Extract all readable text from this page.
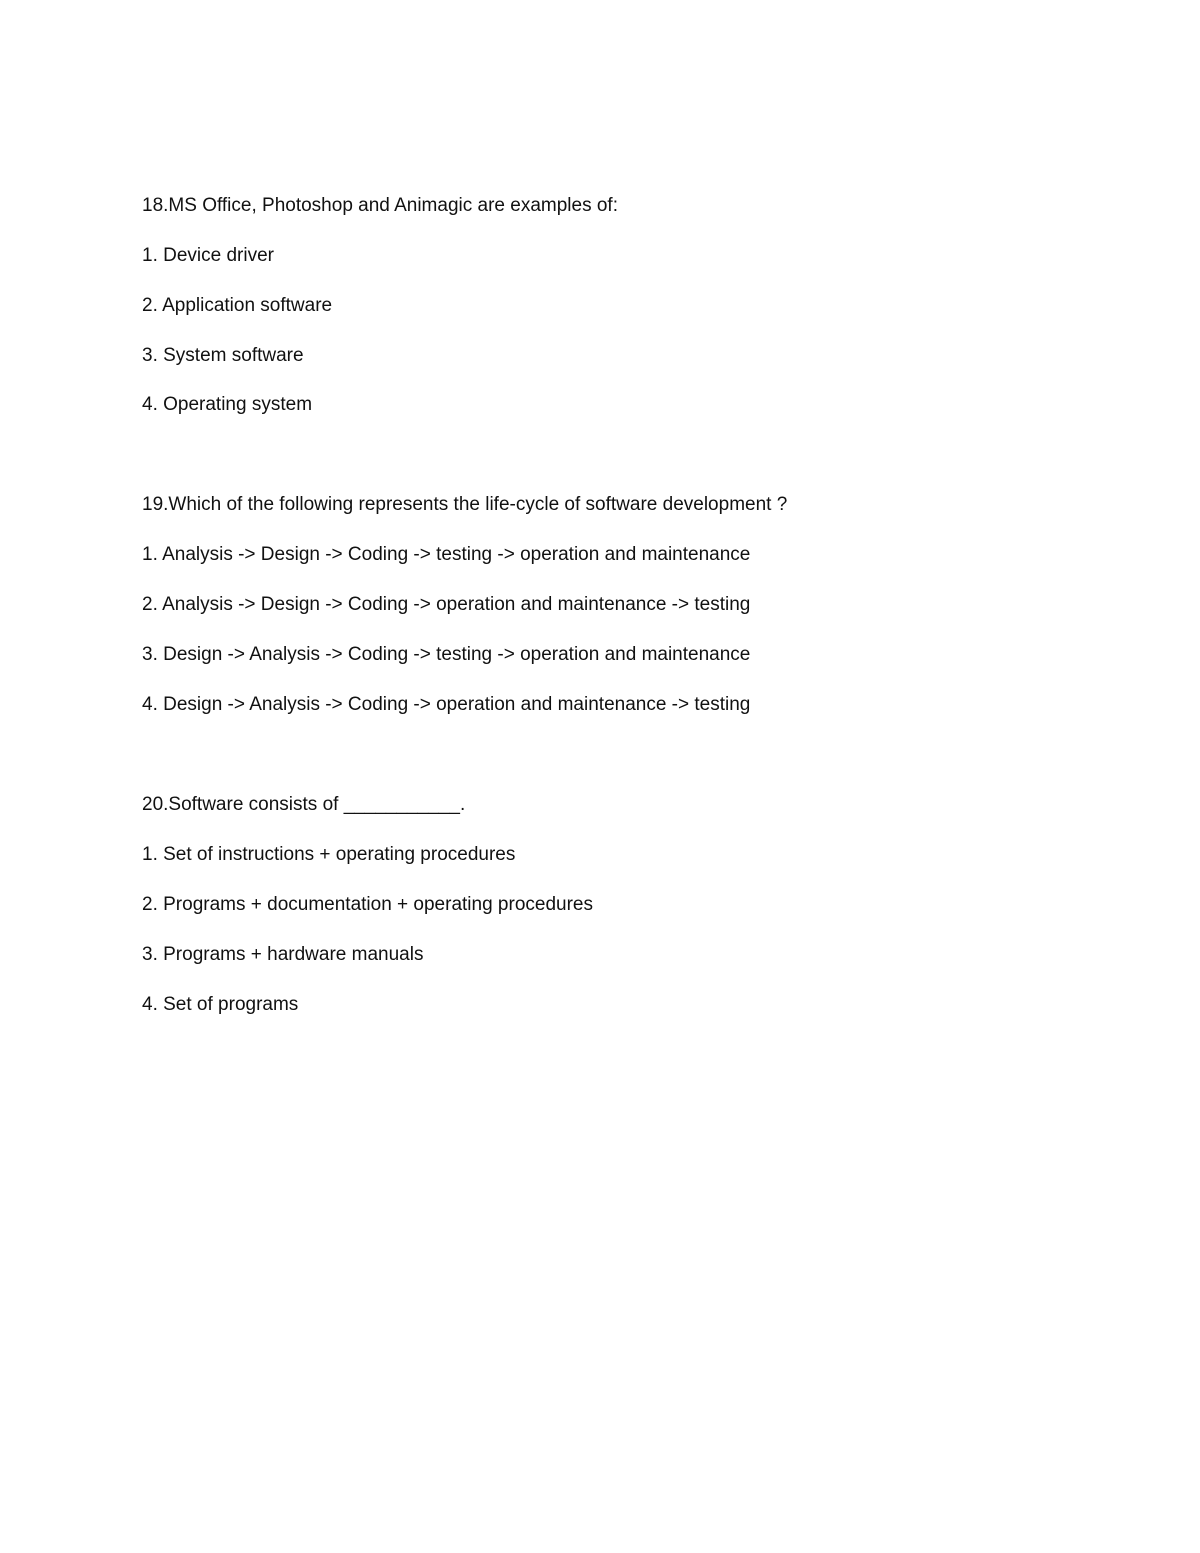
18.MS Office, Photoshop and Animagic are examples of:
1. Device driver
2. Application software
3. System software
4. Operating system
19.Which of the following represents the life-cycle of software development ?
1. Analysis -> Design -> Coding -> testing -> operation and maintenance
2. Analysis -> Design -> Coding -> operation and maintenance -> testing
3. Design -> Analysis -> Coding -> testing -> operation and maintenance
4. Design -> Analysis -> Coding -> operation and maintenance -> testing
20.Software consists of ___________.
1. Set of instructions + operating procedures
2. Programs + documentation + operating procedures
3. Programs + hardware manuals
4. Set of programs
